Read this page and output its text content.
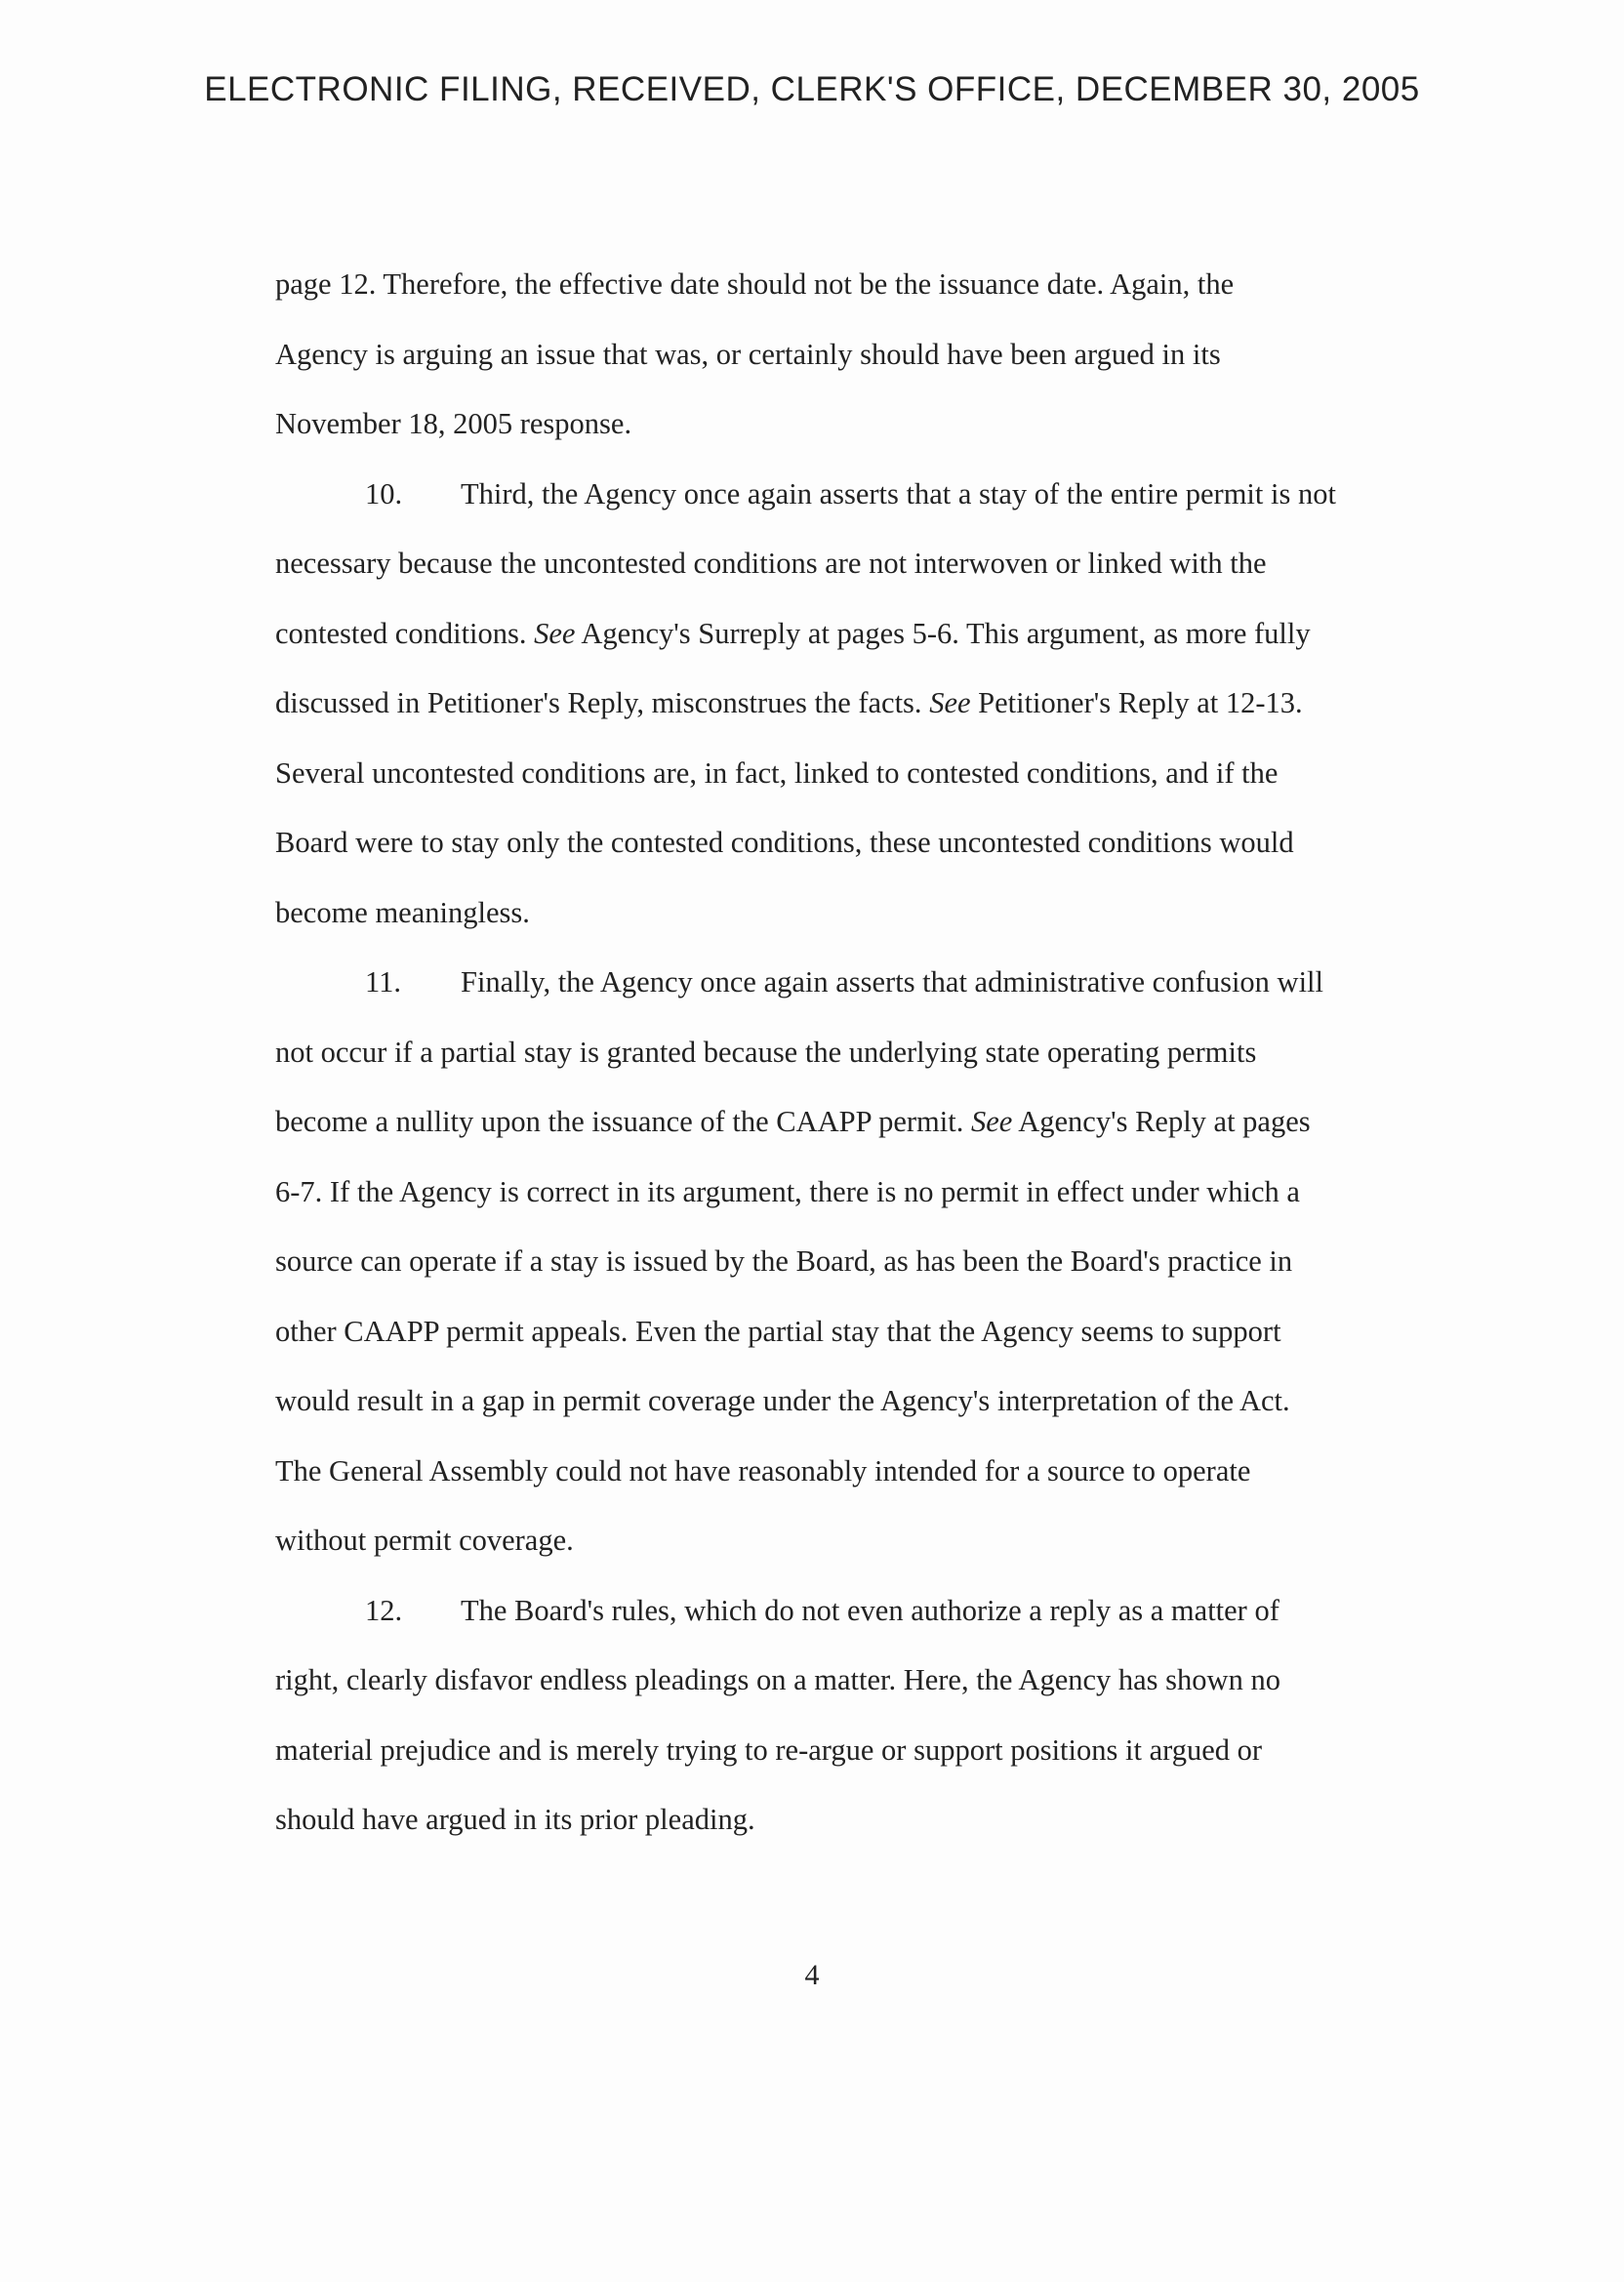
ELECTRONIC FILING, RECEIVED, CLERK'S OFFICE, DECEMBER 30, 2005

page 12. Therefore, the effective date should not be the issuance date. Again, the
Agency is arguing an issue that was, or certainly should have been argued in its
November 18, 2005 response.

10. Third, the Agency once again asserts that a stay of the entire permit is not
necessary because the uncontested conditions are not interwoven or linked with the
contested conditions. See Agency's Surreply at pages 5-6. This argument, as more fully
discussed in Petitioner's Reply, misconstrues the facts. See Petitioner's Reply at 12-13.
Several uncontested conditions are, in fact, linked to contested conditions, and if the
Board were to stay only the contested conditions, these uncontested conditions would
become meaningless.

11. Finally, the Agency once again asserts that administrative confusion will
not occur if a partial stay is granted because the underlying state operating permits
become a nullity upon the issuance of the CAAPP permit. See Agency's Reply at pages
6-7. If the Agency is correct in its argument, there is no permit in effect under which a
source can operate if a stay is issued by the Board, as has been the Board's practice in
other CAAPP permit appeals. Even the partial stay that the Agency seems to support
would result in a gap in permit coverage under the Agency's interpretation of the Act.
The General Assembly could not have reasonably intended for a source to operate
without permit coverage.

12. The Board's rules, which do not even authorize a reply as a matter of
right, clearly disfavor endless pleadings on a matter. Here, the Agency has shown no
material prejudice and is merely trying to re-argue or support positions it argued or
should have argued in its prior pleading.

4
